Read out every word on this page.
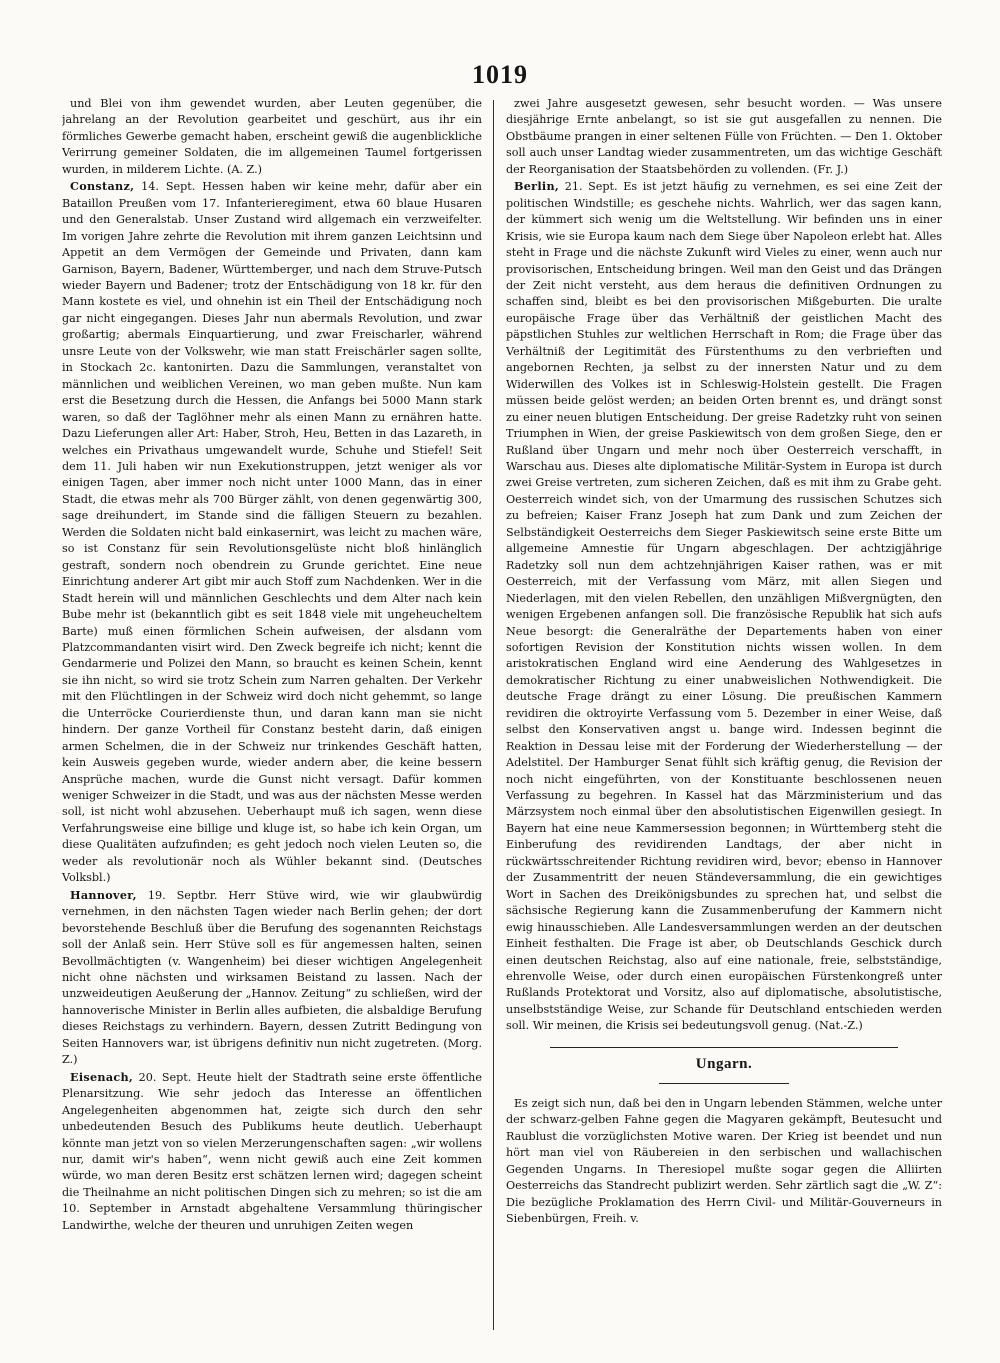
1019

und Blei von ihm gewendet wurden, aber Leuten gegenüber, die jahrelang an der Revolution gearbeitet und geschürt, aus ihr ein förmliches Gewerbe gemacht haben, erscheint gewiß die augenblickliche Verirrung gemeiner Soldaten, die im allgemeinen Taumel fortgerissen wurden, in milderem Lichte. (A. Z.)

Constanz, 14. Sept. Hessen haben wir keine mehr, dafür aber ein Bataillon Preußen vom 17. Infanterieregiment, etwa 60 blaue Husaren und den Generalstab. Unser Zustand wird allgemach ein verzweifelter. Im vorigen Jahre zehrte die Revolution mit ihrem ganzen Leichtsinn und Appetit an dem Vermögen der Gemeinde und Privaten, dann kam Garnison, Bayern, Badener, Württemberger, und nach dem Struve-Putsch wieder Bayern und Badener; trotz der Entschädigung von 18 kr. für den Mann kostete es viel, und ohnehin ist ein Theil der Entschädigung noch gar nicht eingegangen. Dieses Jahr nun abermals Revolution, und zwar großartig; abermals Einquartierung, und zwar Freischarler, während unsre Leute von der Volkswehr, wie man statt Freischärler sagen sollte, in Stockach 2c. kantonirten. Dazu die Sammlungen, veranstaltet von männlichen und weiblichen Vereinen, wo man geben mußte. Nun kam erst die Besetzung durch die Hessen, die Anfangs bei 5000 Mann stark waren, so daß der Taglöhner mehr als einen Mann zu ernähren hatte. Dazu Lieferungen aller Art: Haber, Stroh, Heu, Betten in das Lazareth, in welches ein Privathaus umgewandelt wurde, Schuhe und Stiefel! Seit dem 11. Juli haben wir nun Exekutionstruppen, jetzt weniger als vor einigen Tagen, aber immer noch nicht unter 1000 Mann, das in einer Stadt, die etwas mehr als 700 Bürger zählt, von denen gegenwärtig 300, sage dreihundert, im Stande sind die fälligen Steuern zu bezahlen. Werden die Soldaten nicht bald einkasernirt, was leicht zu machen wäre, so ist Constanz für sein Revolutionsgelüste nicht bloß hinlänglich gestraft, sondern noch obendrein zu Grunde gerichtet. Eine neue Einrichtung anderer Art gibt mir auch Stoff zum Nachdenken. Wer in die Stadt herein will und männlichen Geschlechts und dem Alter nach kein Bube mehr ist (bekanntlich gibt es seit 1848 viele mit ungeheucheltem Barte) muß einen förmlichen Schein aufweisen, der alsdann vom Platzcommandanten visirt wird. Den Zweck begreife ich nicht; kennt die Gendarmerie und Polizei den Mann, so braucht es keinen Schein, kennt sie ihn nicht, so wird sie trotz Schein zum Narren gehalten. Der Verkehr mit den Flüchtlingen in der Schweiz wird doch nicht gehemmt, so lange die Unterröcke Courierdienste thun, und daran kann man sie nicht hindern. Der ganze Vortheil für Constanz besteht darin, daß einigen armen Schelmen, die in der Schweiz nur trinkendes Geschäft hatten, kein Ausweis gegeben wurde, wieder andern aber, die keine bessern Ansprüche machen, wurde die Gunst nicht versagt. Dafür kommen weniger Schweizer in die Stadt, und was aus der nächsten Messe werden soll, ist nicht wohl abzusehen. Ueberhaupt muß ich sagen, wenn diese Verfahrungsweise eine billige und kluge ist, so habe ich kein Organ, um diese Qualitäten aufzufinden; es geht jedoch noch vielen Leuten so, die weder als revolutionär noch als Wühler bekannt sind. (Deutsches Volksbl.)

Hannover, 19. Septbr. Herr Stüve wird, wie wir glaubwürdig vernehmen, in den nächsten Tagen wieder nach Berlin gehen; der dort bevorstehende Beschluß über die Berufung des sogenannten Reichstags soll der Anlaß sein. Herr Stüve soll es für angemessen halten, seinen Bevollmächtigten (v. Wangenheim) bei dieser wichtigen Angelegenheit nicht ohne nächsten und wirksamen Beistand zu lassen. Nach der unzweideutigen Aeußerung der „Hannov. Zeitung“ zu schließen, wird der hannoverische Minister in Berlin alles aufbieten, die alsbaldige Berufung dieses Reichstags zu verhindern. Bayern, dessen Zutritt Bedingung von Seiten Hannovers war, ist übrigens definitiv nun nicht zugetreten. (Morg. Z.)

Eisenach, 20. Sept. Heute hielt der Stadtrath seine erste öffentliche Plenarsitzung. Wie sehr jedoch das Interesse an öffentlichen Angelegenheiten abgenommen hat, zeigte sich durch den sehr unbedeutenden Besuch des Publikums heute deutlich. Ueberhaupt könnte man jetzt von so vielen Merzerungenschaften sagen: „wir wollens nur, damit wir's haben“, wenn nicht gewiß auch eine Zeit kommen würde, wo man deren Besitz erst schätzen lernen wird; dagegen scheint die Theilnahme an nicht politischen Dingen sich zu mehren; so ist die am 10. September in Arnstadt abgehaltene Versammlung thüringischer Landwirthe, welche der theuren und unruhigen Zeiten wegen

zwei Jahre ausgesetzt gewesen, sehr besucht worden. — Was unsere diesjährige Ernte anbelangt, so ist sie gut ausgefallen zu nennen. Die Obstbäume prangen in einer seltenen Fülle von Früchten. — Den 1. Oktober soll auch unser Landtag wieder zusammentreten, um das wichtige Geschäft der Reorganisation der Staatsbehörden zu vollenden. (Fr. J.)

Berlin, 21. Sept. Es ist jetzt häufig zu vernehmen, es sei eine Zeit der politischen Windstille; es geschehe nichts. Wahrlich, wer das sagen kann, der kümmert sich wenig um die Weltstellung. Wir befinden uns in einer Krisis, wie sie Europa kaum nach dem Siege über Napoleon erlebt hat. Alles steht in Frage und die nächste Zukunft wird Vieles zu einer, wenn auch nur provisorischen, Entscheidung bringen. Weil man den Geist und das Drängen der Zeit nicht versteht, aus dem heraus die definitiven Ordnungen zu schaffen sind, bleibt es bei den provisorischen Mißgeburten. Die uralte europäische Frage über das Verhältniß der geistlichen Macht des päpstlichen Stuhles zur weltlichen Herrschaft in Rom; die Frage über das Verhältniß der Legitimität des Fürstenthums zu den verbrieften und angebornen Rechten, ja selbst zu der innersten Natur und zu dem Widerwillen des Volkes ist in Schleswig-Holstein gestellt. Die Fragen müssen beide gelöst werden; an beiden Orten brennt es, und drängt sonst zu einer neuen blutigen Entscheidung. Der greise Radetzky ruht von seinen Triumphen in Wien, der greise Paskiewitsch von dem großen Siege, den er Rußland über Ungarn und mehr noch über Oesterreich verschafft, in Warschau aus. Dieses alte diplomatische Militär-System in Europa ist durch zwei Greise vertreten, zum sicheren Zeichen, daß es mit ihm zu Grabe geht. Oesterreich windet sich, von der Umarmung des russischen Schutzes sich zu befreien; Kaiser Franz Joseph hat zum Dank und zum Zeichen der Selbständigkeit Oesterreichs dem Sieger Paskiewitsch seine erste Bitte um allgemeine Amnestie für Ungarn abgeschlagen. Der achtzigjährige Radetzky soll nun dem achtzehnjährigen Kaiser rathen, was er mit Oesterreich, mit der Verfassung vom März, mit allen Siegen und Niederlagen, mit den vielen Rebellen, den unzähligen Mißvergnügten, den wenigen Ergebenen anfangen soll. Die französische Republik hat sich aufs Neue besorgt: die Generalräthe der Departements haben von einer sofortigen Revision der Konstitution nichts wissen wollen. In dem aristokratischen England wird eine Aenderung des Wahlgesetzes in demokratischer Richtung zu einer unabweislichen Nothwendigkeit. Die deutsche Frage drängt zu einer Lösung. Die preußischen Kammern revidiren die oktroyirte Verfassung vom 5. Dezember in einer Weise, daß selbst den Konservativen angst u. bange wird. Indessen beginnt die Reaktion in Dessau leise mit der Forderung der Wiederherstellung — der Adelstitel. Der Hamburger Senat fühlt sich kräftig genug, die Revision der noch nicht eingeführten, von der Konstituante beschlossenen neuen Verfassung zu begehren. In Kassel hat das Märzministerium und das Märzsystem noch einmal über den absolutistischen Eigenwillen gesiegt. In Bayern hat eine neue Kammersession begonnen; in Württemberg steht die Einberufung des revidirenden Landtags, der aber nicht in rückwärtsschreitender Richtung revidiren wird, bevor; ebenso in Hannover der Zusammentritt der neuen Ständeversammlung, die ein gewichtiges Wort in Sachen des Dreikönigsbundes zu sprechen hat, und selbst die sächsische Regierung kann die Zusammenberufung der Kammern nicht ewig hinausschieben. Alle Landesversammlungen werden an der deutschen Einheit festhalten. Die Frage ist aber, ob Deutschlands Geschick durch einen deutschen Reichstag, also auf eine nationale, freie, selbstständige, ehrenvolle Weise, oder durch einen europäischen Fürstenkongreß unter Rußlands Protektorat und Vorsitz, also auf diplomatische, absolutistische, unselbstständige Weise, zur Schande für Deutschland entschieden werden soll. Wir meinen, die Krisis sei bedeutungsvoll genug. (Nat.-Z.)

Ungarn.

Es zeigt sich nun, daß bei den in Ungarn lebenden Stämmen, welche unter der schwarz-gelben Fahne gegen die Magyaren gekämpft, Beutesucht und Raublust die vorzüglichsten Motive waren. Der Krieg ist beendet und nun hört man viel von Räubereien in den serbischen und wallachischen Gegenden Ungarns. In Theresiopel mußte sogar gegen die Alliirten Oesterreichs das Standrecht publizirt werden. Sehr zärtlich sagt die „W. Z“: Die bezügliche Proklamation des Herrn Civil- und Militär-Gouverneurs in Siebenbürgen, Freih. v.
